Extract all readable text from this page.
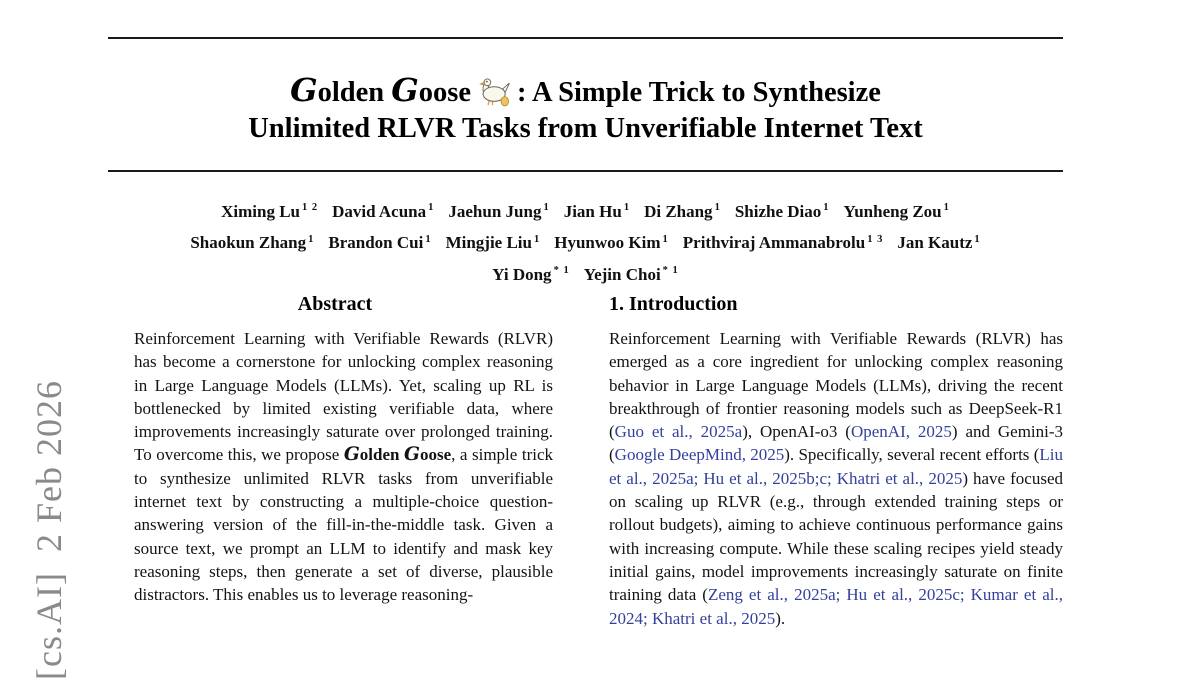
[cs.AI]  2 Feb 2026
Golden Goose : A Simple Trick to Synthesize
Unlimited RLVR Tasks from Unverifiable Internet Text
Ximing Lu $^{1 2}$ David Acuna $^1$ Jaehun Jung $^1$ Jian Hu $^1$ Di Zhang $^1$ Shizhe Diao $^1$ Yunheng Zou $^1$
Shaokun Zhang $^1$ Brandon Cui $^1$ Mingjie Liu $^1$ Hyunwoo Kim $^1$ Prithviraj Ammanabrolu $^{1 3}$ Jan Kautz $^1$
Yi Dong $^{* 1}$ Yejin Choi $^{* 1}$
Abstract
Reinforcement Learning with Verifiable Rewards (RLVR) has become a cornerstone for unlocking complex reasoning in Large Language Models (LLMs). Yet, scaling up RL is bottlenecked by limited existing verifiable data, where improvements increasingly saturate over prolonged training. To overcome this, we propose Golden Goose, a simple trick to synthesize unlimited RLVR tasks from unverifiable internet text by constructing a multiple-choice question-answering version of the fill-in-the-middle task. Given a source text, we prompt an LLM to identify and mask key reasoning steps, then generate a set of diverse, plausible distractors. This enables us to leverage reasoning-
1. Introduction
Reinforcement Learning with Verifiable Rewards (RLVR) has emerged as a core ingredient for unlocking complex reasoning behavior in Large Language Models (LLMs), driving the recent breakthrough of frontier reasoning models such as DeepSeek-R1 (Guo et al., 2025a), OpenAI-o3 (OpenAI, 2025) and Gemini-3 (Google DeepMind, 2025). Specifically, several recent efforts (Liu et al., 2025a; Hu et al., 2025b;c; Khatri et al., 2025) have focused on scaling up RLVR (e.g., through extended training steps or rollout budgets), aiming to achieve continuous performance gains with increasing compute. While these scaling recipes yield steady initial gains, model improvements increasingly saturate on finite training data (Zeng et al., 2025a; Hu et al., 2025c; Kumar et al., 2024; Khatri et al., 2025).
